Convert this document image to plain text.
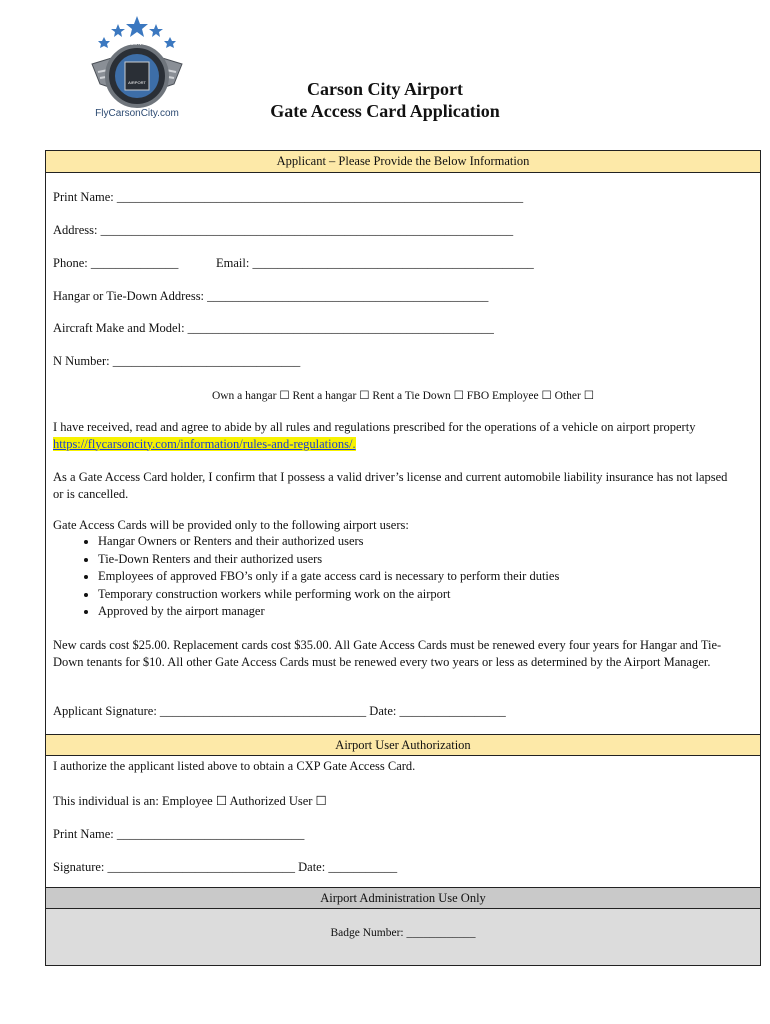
CARSON CITY
AIRPORT
FlyCarsonCity.com
Carson City Airport
Gate Access Card Application
Applicant – Please Provide the Below Information
Print Name: _________________________________________________________________
Address: __________________________________________________________________
Phone: ______________	Email: _____________________________________________
Hangar or Tie-Down Address: _____________________________________________
Aircraft Make and Model: _________________________________________________
N Number: ______________________________
Own a hangar ☐ Rent a hangar ☐ Rent a Tie Down ☐ FBO Employee ☐ Other ☐
I have received, read and agree to abide by all rules and regulations prescribed for the operations of a vehicle on airport property https://flycarsoncity.com/information/rules-and-regulations/.
As a Gate Access Card holder, I confirm that I possess a valid driver’s license and current automobile liability insurance has not lapsed or is cancelled.
Gate Access Cards will be provided only to the following airport users:
• Hangar Owners or Renters and their authorized users
• Tie-Down Renters and their authorized users
• Employees of approved FBO’s only if a gate access card is necessary to perform their duties
• Temporary construction workers while performing work on the airport
• Approved by the airport manager
New cards cost $25.00. Replacement cards cost $35.00. All Gate Access Cards must be renewed every four years for Hangar and Tie-Down tenants for $10. All other Gate Access Cards must be renewed every two years or less as determined by the Airport Manager.
Applicant Signature: _________________________________ Date: _________________
Airport User Authorization
I authorize the applicant listed above to obtain a CXP Gate Access Card.
This individual is an: Employee ☐ Authorized User ☐
Print Name: ______________________________
Signature: ______________________________ Date: ___________
Airport Administration Use Only
Badge Number: ____________
